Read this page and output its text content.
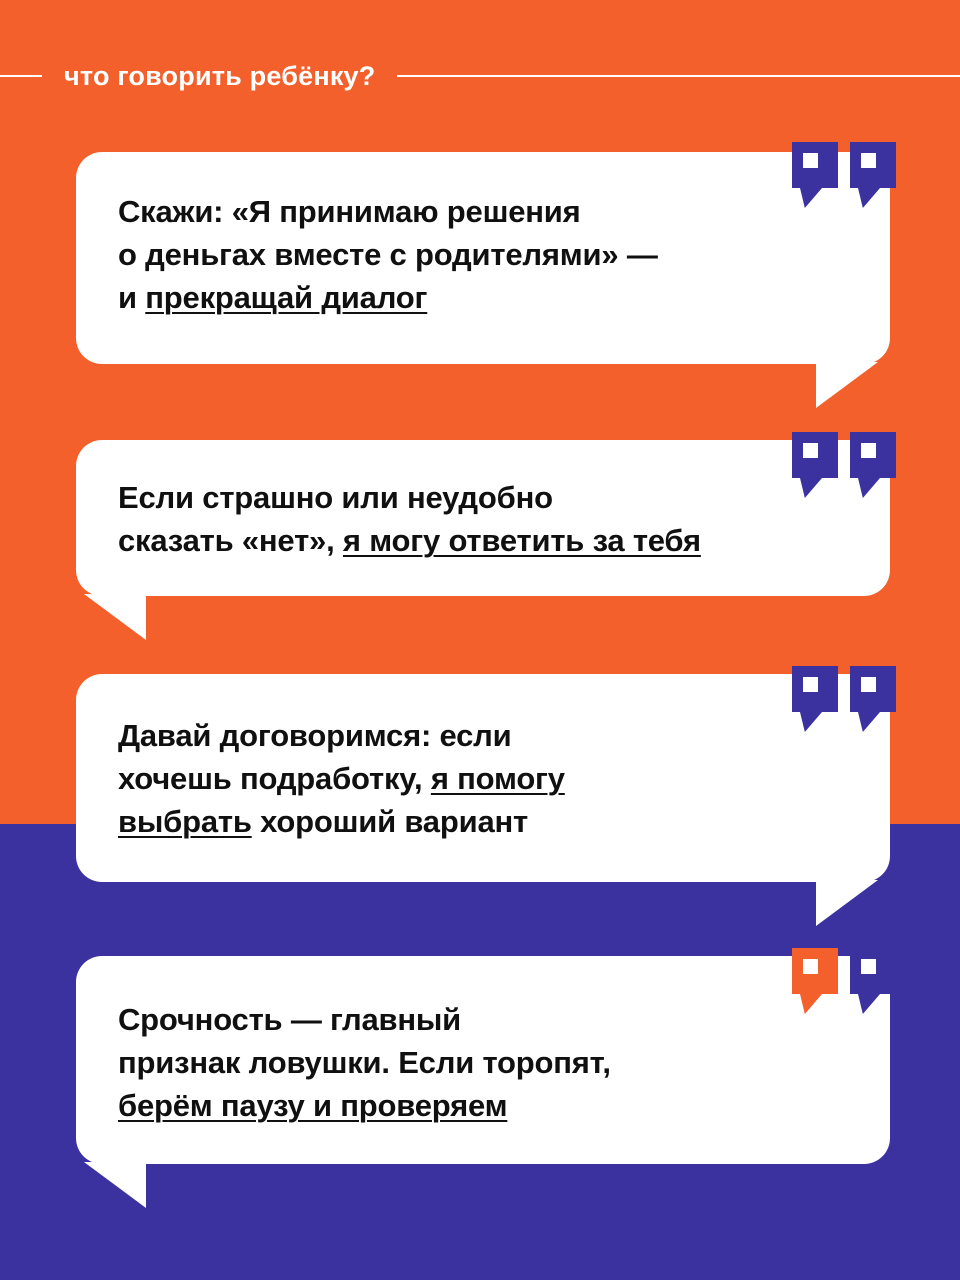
что говорить ребёнку?
Скажи: «Я принимаю решения
о деньгах вместе с родителями» —
и прекращай диалог
Если страшно или неудобно
сказать «нет», я могу ответить за тебя
Давай договоримся: если
хочешь подработку, я помогу
выбрать хороший вариант
Срочность — главный
признак ловушки. Если торопят,
берём паузу и проверяем
